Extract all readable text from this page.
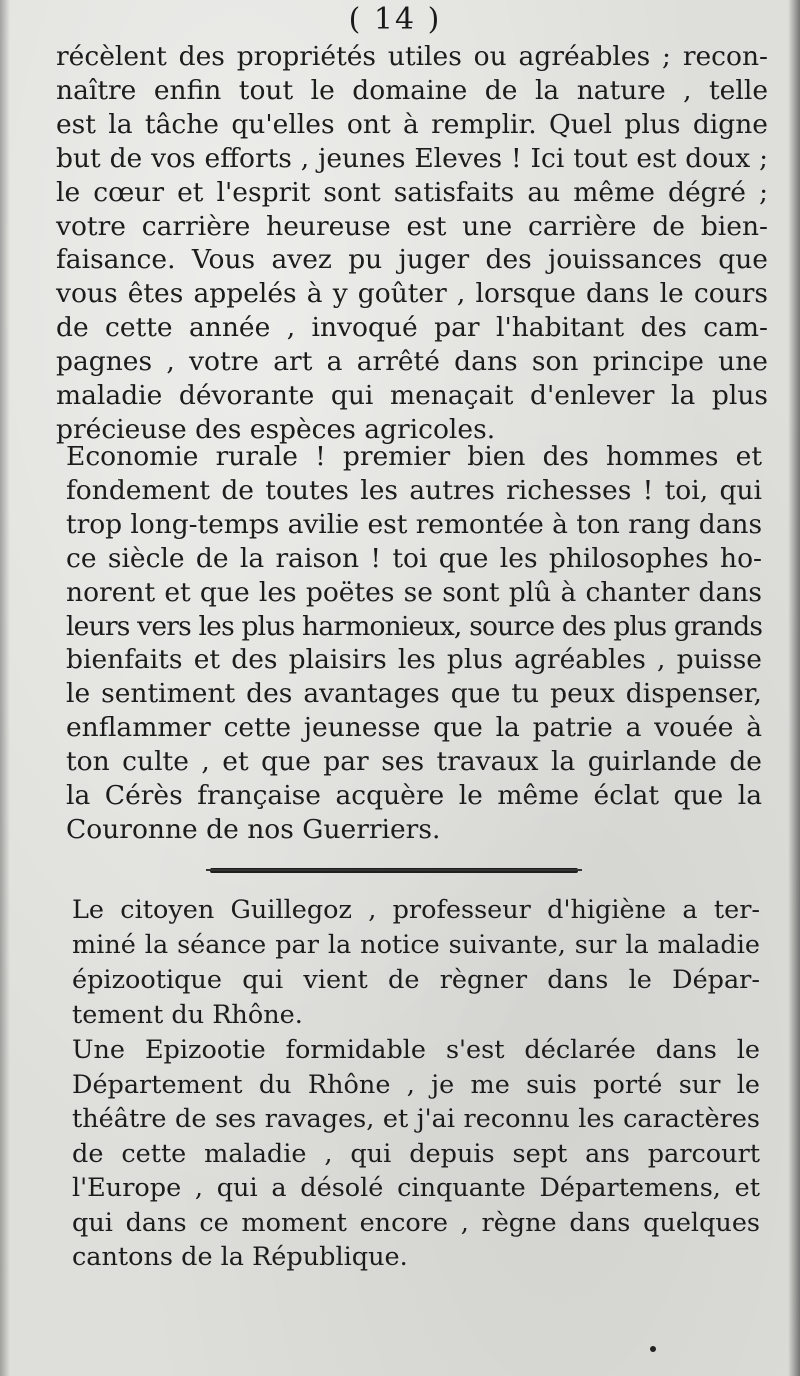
( 14 )
récèlent des propriétés utiles ou agréables ; recon-
naître enfin tout le domaine de la nature , telle
est la tâche qu'elles ont à remplir. Quel plus digne
but de vos efforts , jeunes Eleves ! Ici tout est doux ;
le cœur et l'esprit sont satisfaits au même dégré ;
votre carrière heureuse est une carrière de bien-
faisance. Vous avez pu juger des jouissances que
vous êtes appelés à y goûter , lorsque dans le cours
de cette année , invoqué par l'habitant des cam-
pagnes , votre art a arrêté dans son principe une
maladie dévorante qui menaçait d'enlever la plus
précieuse des espèces agricoles.
Economie rurale ! premier bien des hommes et
fondement de toutes les autres richesses ! toi, qui
trop long-temps avilie est remontée à ton rang dans
ce siècle de la raison ! toi que les philosophes ho-
norent et que les poëtes se sont plû à chanter dans
leurs vers les plus harmonieux, source des plus grands
bienfaits et des plaisirs les plus agréables , puisse
le sentiment des avantages que tu peux dispenser,
enflammer cette jeunesse que la patrie a vouée à
ton culte , et que par ses travaux la guirlande de
la Cérès française acquère le même éclat que la
Couronne de nos Guerriers.
Le citoyen Guillegoz , professeur d'higiène a ter-
miné la séance par la notice suivante, sur la maladie
épizootique qui vient de règner dans le Dépar-
tement du Rhône.
Une Epizootie formidable s'est déclarée dans le
Département du Rhône , je me suis porté sur le
théâtre de ses ravages, et j'ai reconnu les caractères
de cette maladie , qui depuis sept ans parcourt
l'Europe , qui a désolé cinquante Départemens, et
qui dans ce moment encore , règne dans quelques
cantons de la République.
